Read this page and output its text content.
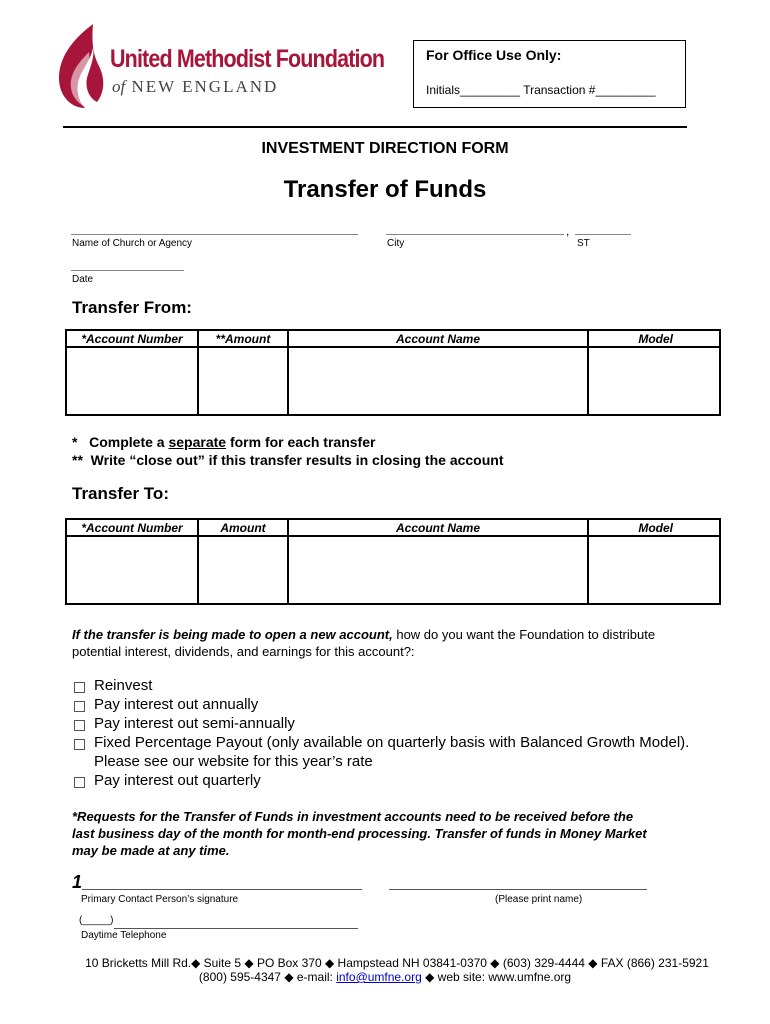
United Methodist Foundation
of NEW ENGLAND
For Office Use Only:
Initials_________ Transaction #_________
INVESTMENT DIRECTION FORM
Transfer of Funds
Name of Church or Agency
,
City	ST
Date
Transfer From:
*Account Number	**Amount	Account Name	Model

*   Complete a separate form for each transfer
**  Write “close out” if this transfer results in closing the account
Transfer To:
*Account Number	Amount	Account Name	Model

If the transfer is being made to open a new account, how do you want the Foundation to distribute
potential interest, dividends, and earnings for this account?:
Reinvest
Pay interest out annually
Pay interest out semi-annually
Fixed Percentage Payout (only available on quarterly basis with Balanced Growth Model).
Please see our website for this year’s rate
Pay interest out quarterly
*Requests for the Transfer of Funds in investment accounts need to be received before the
last business day of the month for month-end processing. Transfer of funds in Money Market
may be made at any time.
1
Primary Contact Person’s signature	(Please print name)
(_____)
Daytime Telephone
10 Bricketts Mill Rd.◆ Suite 5 ◆ PO Box 370 ◆ Hampstead NH 03841-0370 ◆ (603) 329-4444 ◆ FAX (866) 231-5921
(800) 595-4347 ◆ e-mail: info@umfne.org ◆ web site: www.umfne.org
